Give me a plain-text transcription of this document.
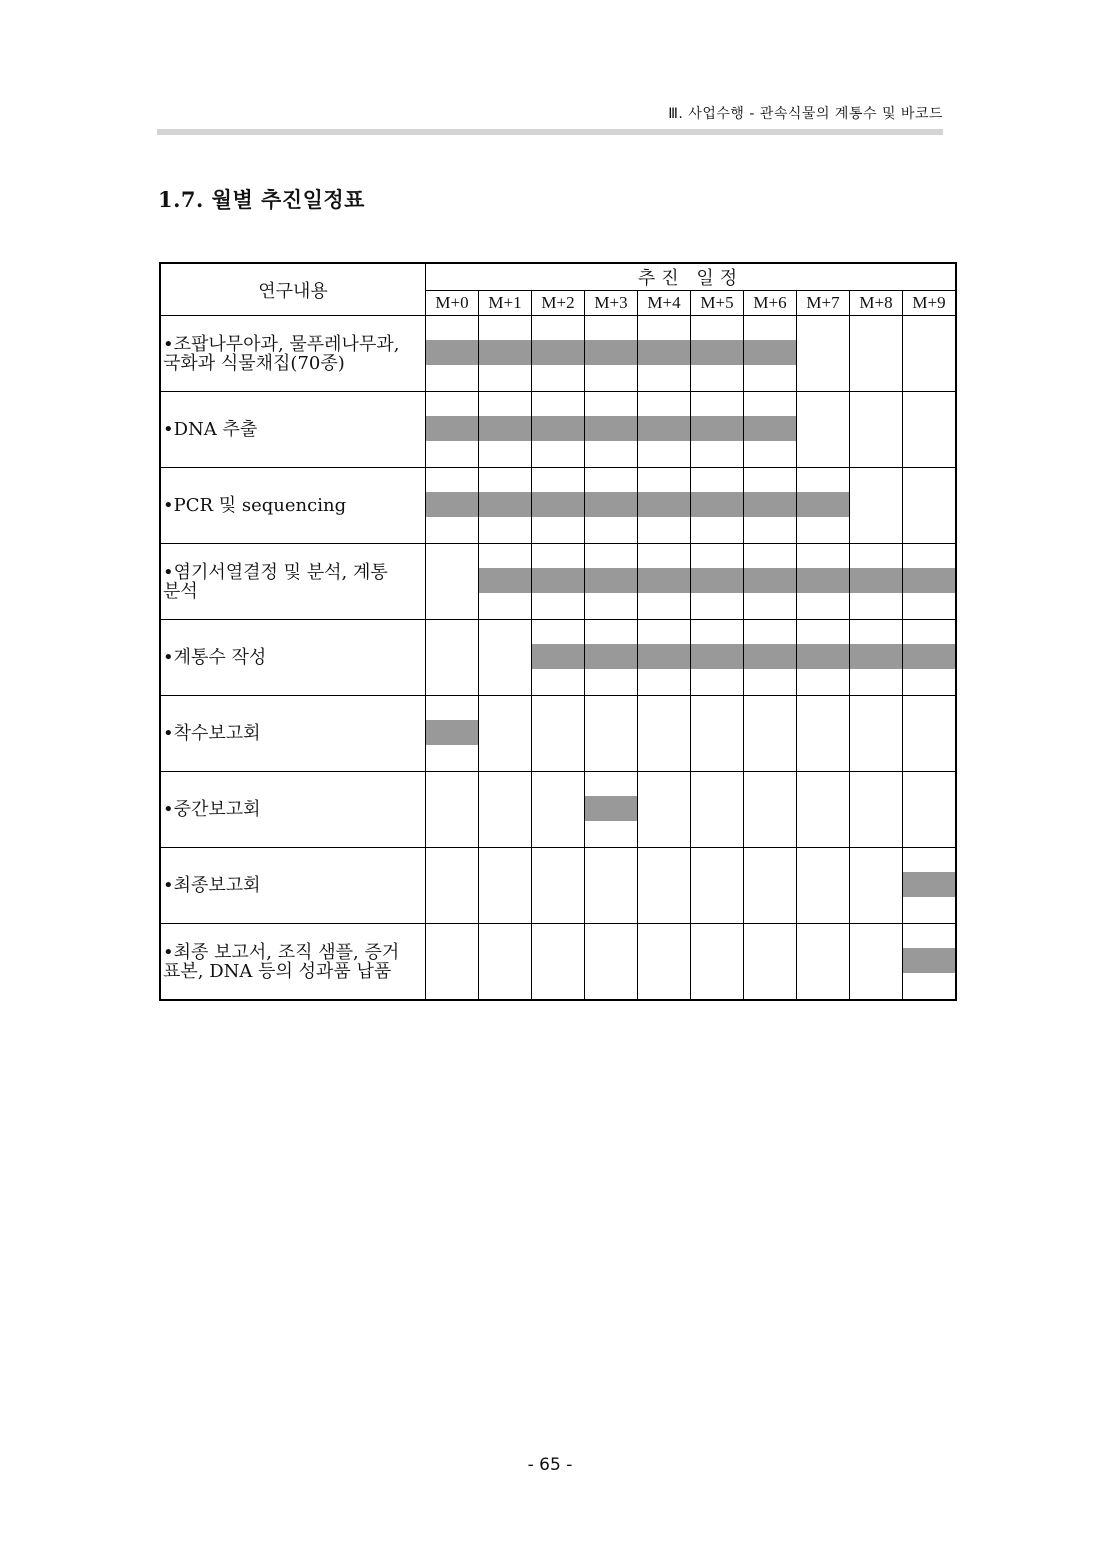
Ⅲ. 사업수행 - 관속식물의 계통수 및 바코드
1.7. 월별 추진일정표
연구내용	추진 일정									
	M+0	M+1	M+2	M+3	M+4	M+5	M+6	M+7	M+8	M+9

•조팝나무아과, 물푸레나무과,
국화과 식물채집(70종)										

•DNA 추출										

•PCR 및 sequencing										

•염기서열결정 및 분석, 계통
분석										

•계통수 작성										

•착수보고회										

•중간보고회										

•최종보고회										

•최종 보고서, 조직 샘플, 증거
표본, DNA 등의 성과품 납품										

- 65 -
